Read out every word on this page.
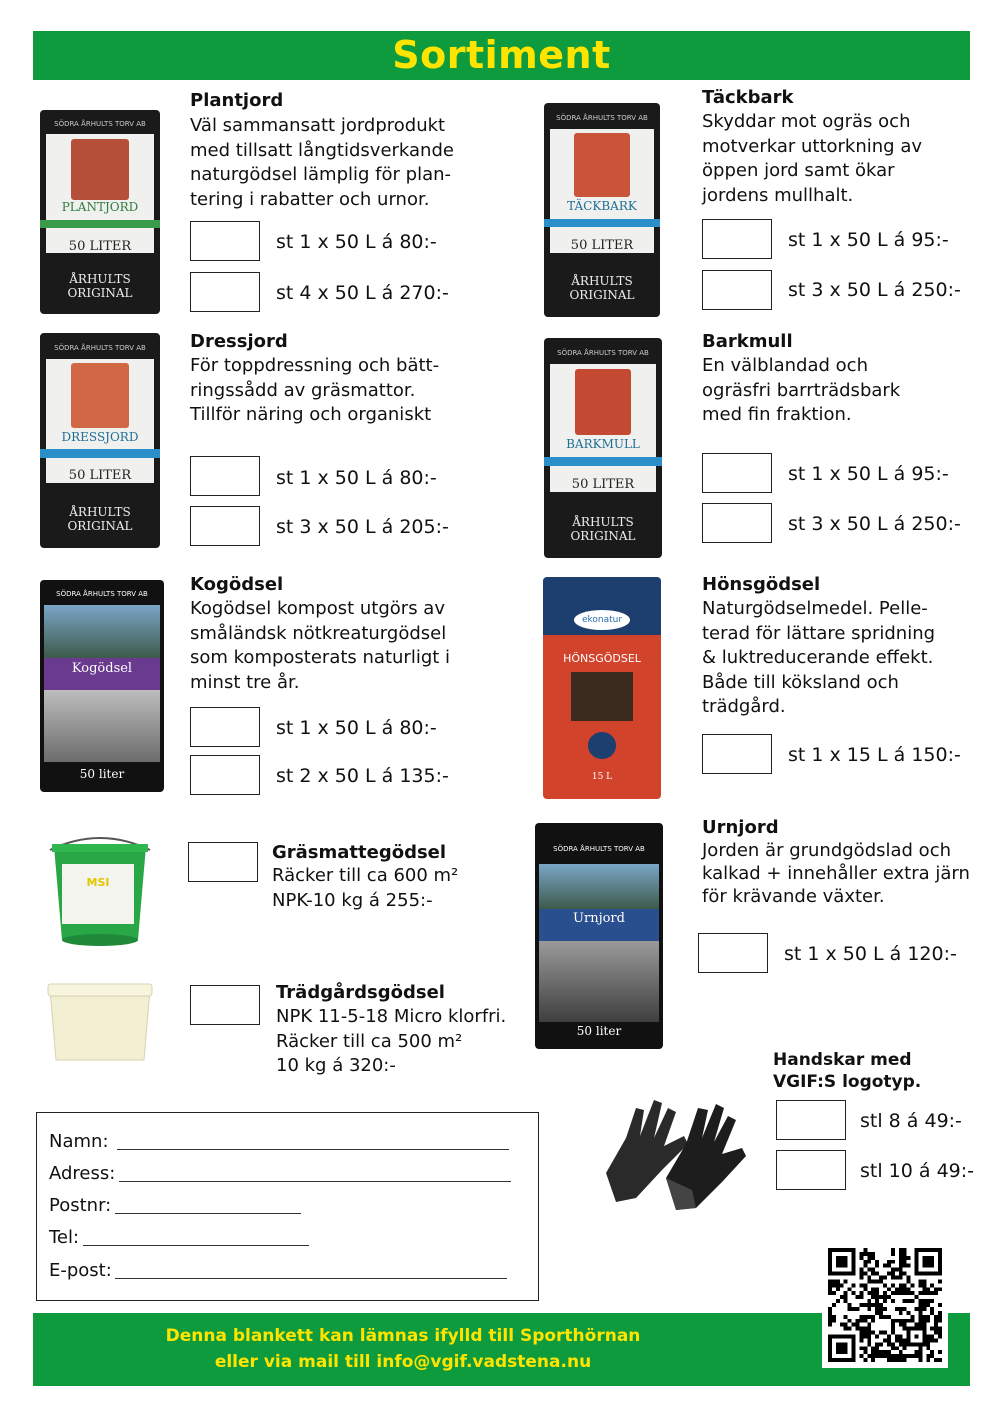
Sortiment
SÖDRA ÅRHULTS TORV AB
PLANTJORD
50 LITER
ÅRHULTS ORIGINAL
Plantjord
Väl sammansatt jordprodukt
med tillsatt långtidsverkande
naturgödsel lämplig för plan-
tering i rabatter och urnor.
st 1 x 50 L á 80:-
st 4 x 50 L á 270:-
SÖDRA ÅRHULTS TORV AB
TÄCKBARK
50 LITER
ÅRHULTS ORIGINAL
Täckbark
Skyddar mot ogräs och
motverkar uttorkning av
öppen jord samt ökar
jordens mullhalt.
st 1 x 50 L á 95:-
st 3 x 50 L á 250:-
SÖDRA ÅRHULTS TORV AB
DRESSJORD
50 LITER
ÅRHULTS ORIGINAL
Dressjord
För toppdressning och bätt-
ringssådd av gräsmattor.
Tillför näring och organiskt
st 1 x 50 L á 80:-
st 3 x 50 L á 205:-
SÖDRA ÅRHULTS TORV AB
BARKMULL
50 LITER
ÅRHULTS ORIGINAL
Barkmull
En välblandad och
ogräsfri barrträdsbark
med fin fraktion.
st 1 x 50 L á 95:-
st 3 x 50 L á 250:-
SÖDRA ÅRHULTS TORV AB
Kogödsel
50 liter
Kogödsel
Kogödsel kompost utgörs av
småländsk nötkreaturgödsel
som komposterats naturligt i
minst tre år.
st 1 x 50 L á 80:-
st 2 x 50 L á 135:-
ekonatur
HÖNSGÖDSEL
15 L
Hönsgödsel
Naturgödselmedel. Pelle-
terad för lättare spridning
& luktreducerande effekt.
Både till köksland och
trädgård.
st 1 x 15 L á 150:-
MSI
Gräsmattegödsel
Räcker till ca 600 m²
NPK-10 kg á 255:-
SÖDRA ÅRHULTS TORV AB
Urnjord
50 liter
Urnjord
Jorden är grundgödslad och
kalkad + innehåller extra järn
för krävande växter.
st 1 x 50 L á 120:-
Trädgårdsgödsel
NPK 11-5-18 Micro klorfri.
Räcker till ca 500 m²
10 kg á 320:-	Handskar med
VGIF:S logotyp.
stl 8 á 49:-
stl 10 á 49:-
Namn:
Adress:
Postnr:
Tel:
E-post:
Denna blankett kan lämnas ifylld till Sporthörnan
eller via mail till info@vgif.vadstena.nu
